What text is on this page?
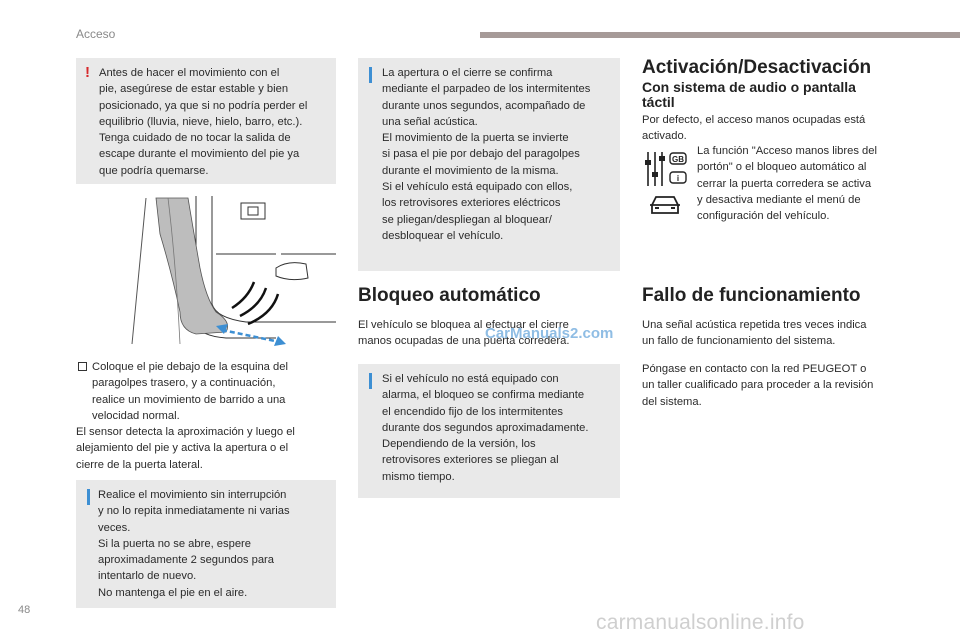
Acceso
! Antes de hacer el movimiento con el

pie, asegúrese de estar estable y bien

posicionado, ya que si no podría perder el

equilibrio (lluvia, nieve, hielo, barro, etc.).

Tenga cuidado de no tocar la salida de

escape durante el movimiento del pie ya

que podría quemarse.

Coloque el pie debajo de la esquina del

paragolpes trasero, y a continuación,

realice un movimiento de barrido a una

velocidad normal.

El sensor detecta la aproximación y luego el

alejamiento del pie y activa la apertura o el

cierre de la puerta lateral.

Realice el movimiento sin interrupción

y no lo repita inmediatamente ni varias

veces.

Si la puerta no se abre, espere

aproximadamente 2 segundos para

intentarlo de nuevo.

No mantenga el pie en el aire.

La apertura o el cierre se confirma

mediante el parpadeo de los intermitentes

durante unos segundos, acompañado de

una señal acústica.

El movimiento de la puerta se invierte

si pasa el pie por debajo del paragolpes

durante el movimiento de la misma.

Si el vehículo está equipado con ellos,

los retrovisores exteriores eléctricos

se pliegan/despliegan al bloquear/

desbloquear el vehículo.

Bloqueo automático

El vehículo se bloquea al efectuar el cierre

manos ocupadas de una puerta corredera.

CarManuals2.com

Si el vehículo no está equipado con

alarma, el bloqueo se confirma mediante

el encendido fijo de los intermitentes

durante dos segundos aproximadamente.

Dependiendo de la versión, los

retrovisores exteriores se pliegan al

mismo tiempo.

Activación/Desactivación
Con sistema de audio o pantalla
táctil

Por defecto, el acceso manos ocupadas está

activado.

GB
i

La función "Acceso manos libres del

portón" o el bloqueo automático al

cerrar la puerta corredera se activa

y desactiva mediante el menú de

configuración del vehículo.

Fallo de funcionamiento

Una señal acústica repetida tres veces indica

un fallo de funcionamiento del sistema.

Póngase en contacto con la red PEUGEOT o

un taller cualificado para proceder a la revisión

del sistema.

48
carmanualsonline.info
